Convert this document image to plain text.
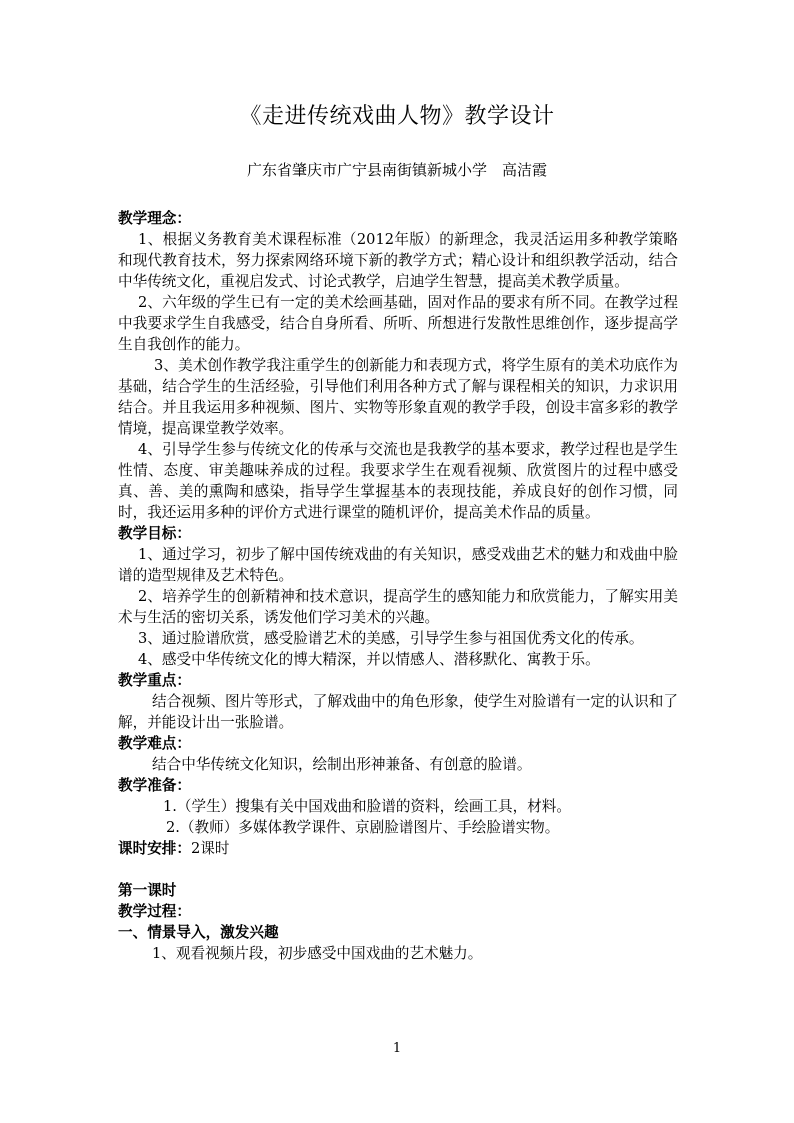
《走进传统戏曲人物》教学设计
广东省肇庆市广宁县南街镇新城小学　高洁霞

教学理念：

1、根据义务教育美术课程标准（2012年版）的新理念，我灵活运用多种教学策略和现代教育技术，努力探索网络环境下新的教学方式；精心设计和组织教学活动，结合中华传统文化，重视启发式、讨论式教学，启迪学生智慧，提高美术教学质量。

2、六年级的学生已有一定的美术绘画基础，固对作品的要求有所不同。在教学过程中我要求学生自我感受，结合自身所看、所听、所想进行发散性思维创作，逐步提高学生自我创作的能力。

3、美术创作教学我注重学生的创新能力和表现方式，将学生原有的美术功底作为基础，结合学生的生活经验，引导他们利用各种方式了解与课程相关的知识，力求识用结合。并且我运用多种视频、图片、实物等形象直观的教学手段，创设丰富多彩的教学情境，提高课堂教学效率。

4、引导学生参与传统文化的传承与交流也是我教学的基本要求，教学过程也是学生性情、态度、审美趣味养成的过程。我要求学生在观看视频、欣赏图片的过程中感受真、善、美的熏陶和感染，指导学生掌握基本的表现技能，养成良好的创作习惯，同时，我还运用多种的评价方式进行课堂的随机评价，提高美术作品的质量。

教学目标：

1、通过学习，初步了解中国传统戏曲的有关知识，感受戏曲艺术的魅力和戏曲中脸谱的造型规律及艺术特色。

2、培养学生的创新精神和技术意识，提高学生的感知能力和欣赏能力，了解实用美术与生活的密切关系，诱发他们学习美术的兴趣。

3、通过脸谱欣赏，感受脸谱艺术的美感，引导学生参与祖国优秀文化的传承。

4、感受中华传统文化的博大精深，并以情感人、潜移默化、寓教于乐。

教学重点：

结合视频、图片等形式，了解戏曲中的角色形象，使学生对脸谱有一定的认识和了解，并能设计出一张脸谱。

教学难点：

结合中华传统文化知识，绘制出形神兼备、有创意的脸谱。

教学准备：

1.（学生）搜集有关中国戏曲和脸谱的资料，绘画工具，材料。

2.（教师）多媒体教学课件、京剧脸谱图片、手绘脸谱实物。

课时安排：2课时

第一课时

教学过程：

一、情景导入，激发兴趣

1、观看视频片段，初步感受中国戏曲的艺术魅力。

1
